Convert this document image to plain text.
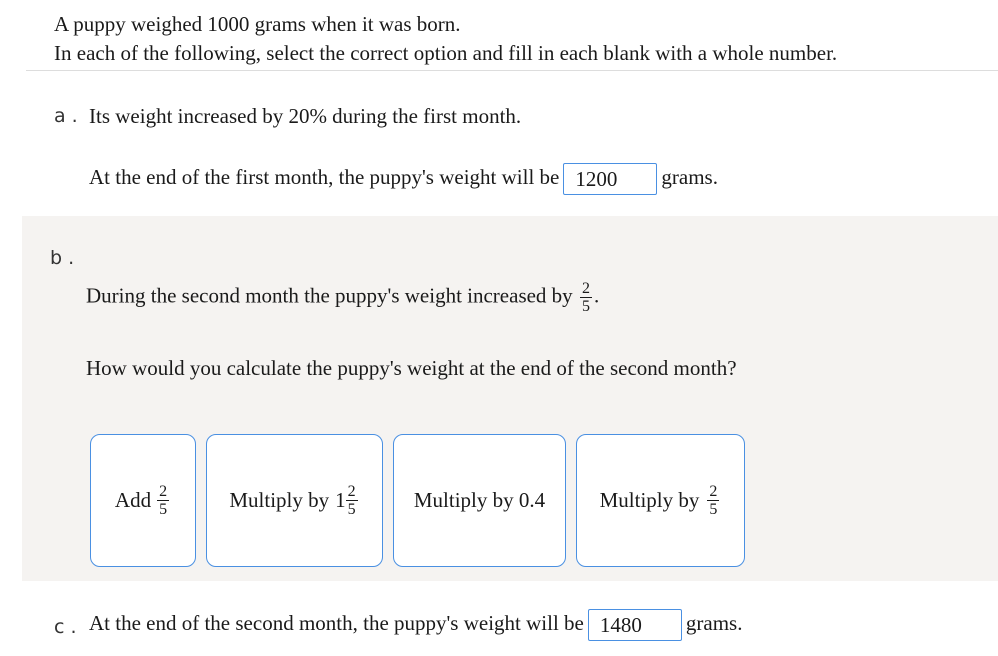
A puppy weighed 1000 grams when it was born.
In each of the following, select the correct option and fill in each blank with a whole number.
a . Its weight increased by 20% during the first month.
At the end of the first month, the puppy's weight will be 1200 grams.
b .
During the second month the puppy's weight increased by $\frac{2}{5}$ .
How would you calculate the puppy's weight at the end of the second month?
Add $\frac{2}{5}$	Multiply by $1 \frac{2}{5}$	Multiply by 0.4	Multiply by $\frac{2}{5}$
c . At the end of the second month, the puppy's weight will be 1480 grams.
